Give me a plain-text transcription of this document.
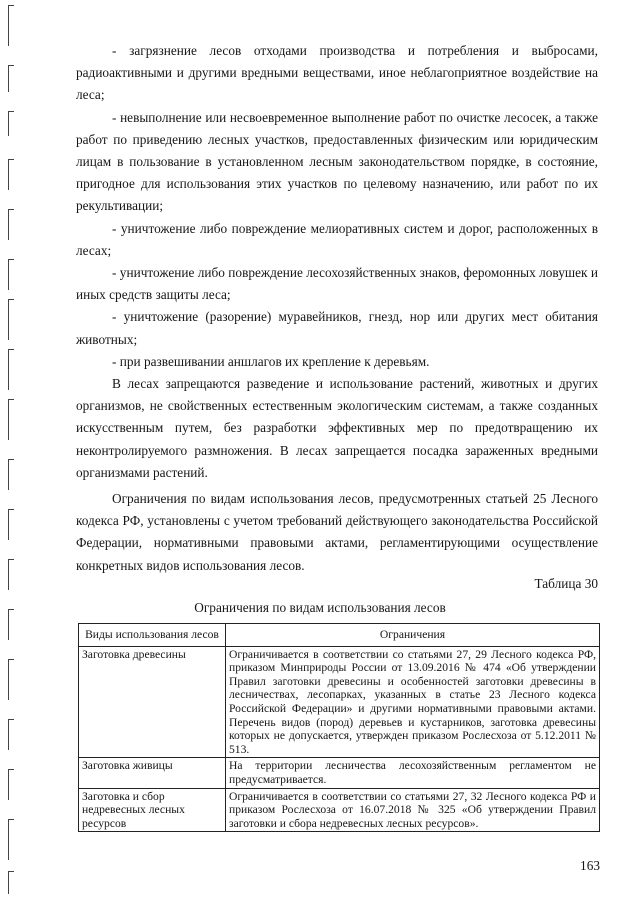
- загрязнение лесов отходами производства и потребления и выбросами, радиоактивными и другими вредными веществами, иное неблагоприятное воздействие на леса;

- невыполнение или несвоевременное выполнение работ по очистке лесосек, а также работ по приведению лесных участков, предоставленных физическим или юридическим лицам в пользование в установленном лесным законодательством порядке, в состояние, пригодное для использования этих участков по целевому назначению, или работ по их рекультивации;

- уничтожение либо повреждение мелиоративных систем и дорог, расположенных в лесах;

- уничтожение либо повреждение лесохозяйственных знаков, феромонных ловушек и иных средств защиты леса;

- уничтожение (разорение) муравейников, гнезд, нор или других мест обитания животных;

- при развешивании аншлагов их крепление к деревьям.

В лесах запрещаются разведение и использование растений, животных и других организмов, не свойственных естественным экологическим системам, а также созданных искусственным путем, без разработки эффективных мер по предотвращению их неконтролируемого размножения. В лесах запрещается посадка зараженных вредными организмами растений.

Ограничения по видам использования лесов, предусмотренных статьей 25 Лесного кодекса РФ, установлены с учетом требований действующего законодательства Российской Федерации, нормативными правовыми актами, регламентирующими осуществление конкретных видов использования лесов.

Таблица 30
Ограничения по видам использования лесов
Виды использования лесов	Ограничения
Заготовка древесины	Ограничивается в соответствии со статьями 27, 29 Лесного кодекса РФ, приказом Минприроды России от 13.09.2016 № 474 «Об утверждении Правил заготовки древесины и особенностей заготовки древесины в лесничествах, лесопарках, указанных в статье 23 Лесного кодекса Российской Федерации» и другими нормативными правовыми актами. Перечень видов (пород) деревьев и кустарников, заготовка древесины которых не допускается, утвержден приказом Рослесхоза от 5.12.2011 № 513.
Заготовка живицы	На территории лесничества лесохозяйственным регламентом не предусматривается.
Заготовка и сбор недревесных лесных ресурсов	Ограничивается в соответствии со статьями 27, 32 Лесного кодекса РФ и приказом Рослесхоза от 16.07.2018 № 325 «Об утверждении Правил заготовки и сбора недревесных лесных ресурсов».
163
